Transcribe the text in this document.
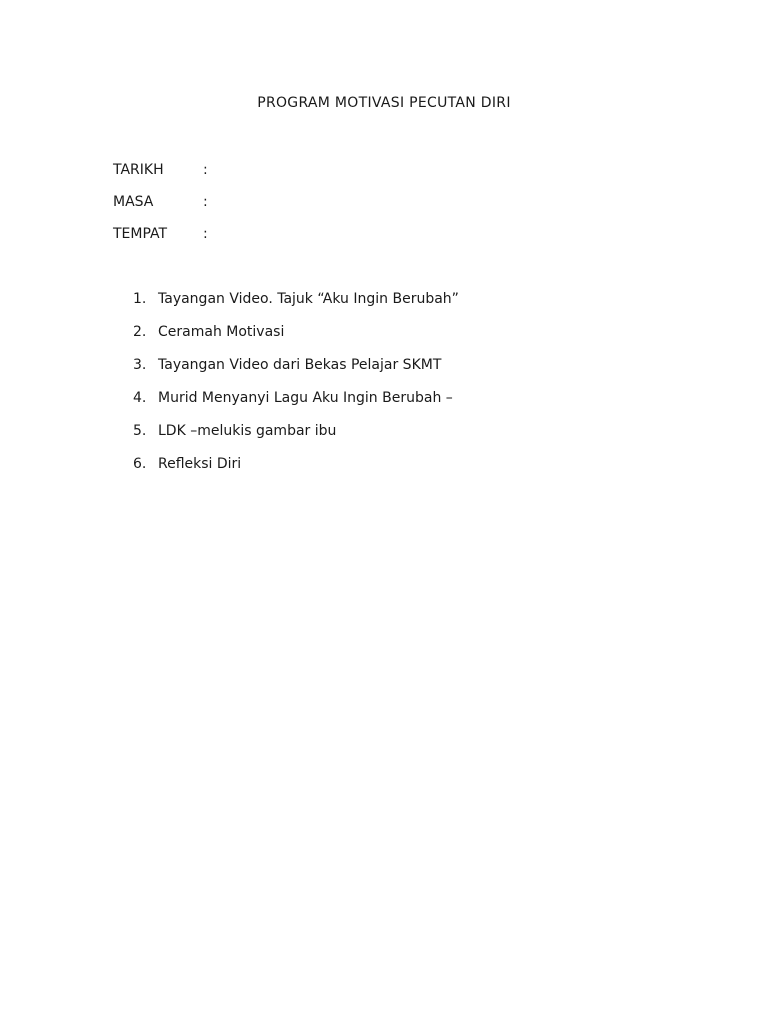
PROGRAM MOTIVASI PECUTAN DIRI
TARIKH	:
MASA	:
TEMPAT	:
1. Tayangan Video. Tajuk “Aku Ingin Berubah”
2. Ceramah Motivasi
3. Tayangan Video dari Bekas Pelajar SKMT
4. Murid Menyanyi Lagu Aku Ingin Berubah –
5. LDK –melukis gambar ibu
6. Refleksi Diri
